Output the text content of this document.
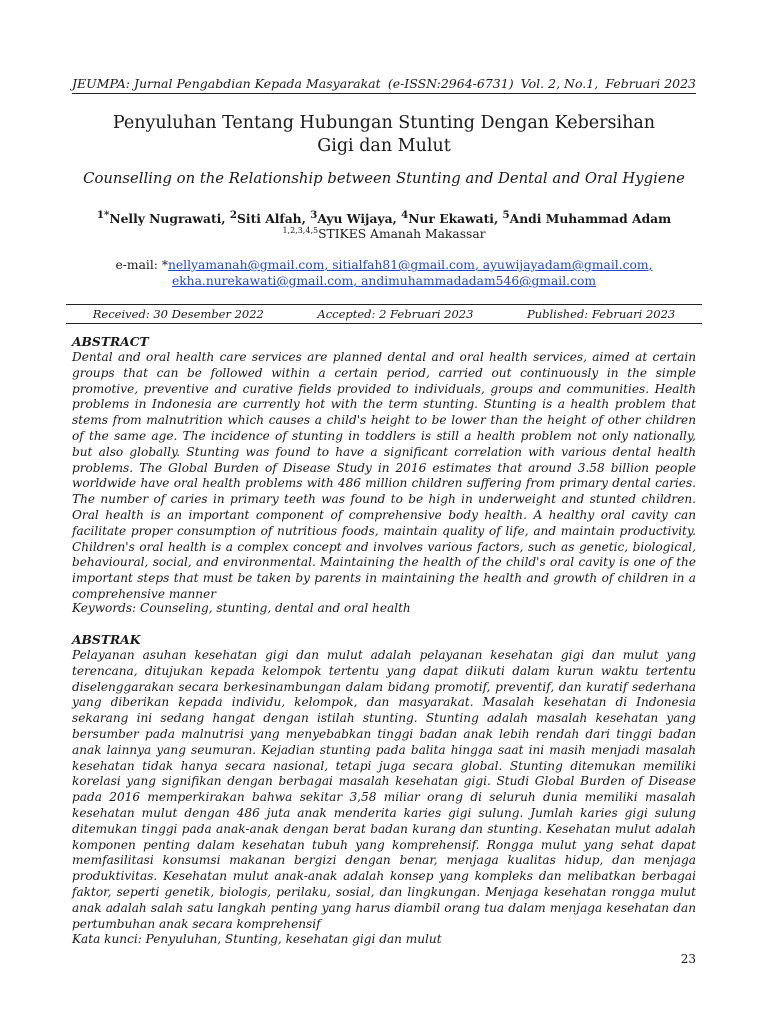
JEUMPA: Jurnal Pengabdian Kepada Masyarakat (e-ISSN:2964-6731) Vol. 2, No.1, Februari 2023
Penyuluhan Tentang Hubungan Stunting Dengan Kebersihan
Gigi dan Mulut
Counselling on the Relationship between Stunting and Dental and Oral Hygiene
$^{1*}$Nelly Nugrawati, $^2$Siti Alfah, $^3$Ayu Wijaya, $^4$Nur Ekawati, $^5$Andi Muhammad Adam
$^{1,2,3,4,5}$STIKES Amanah Makassar
e-mail: *nellyamanah@gmail.com, sitialfah81@gmail.com, ayuwijayadam@gmail.com,
ekha.nurekawati@gmail.com, andimuhammadadam546@gmail.com
Received: 30 Desember 2022	Accepted: 2 Februari 2023	Published: Februari 2023
ABSTRACT

Dental and oral health care services are planned dental and oral health services, aimed at certain groups that can be followed within a certain period, carried out continuously in the simple promotive, preventive and curative fields provided to individuals, groups and communities. Health problems in Indonesia are currently hot with the term stunting. Stunting is a health problem that stems from malnutrition which causes a child's height to be lower than the height of other children of the same age. The incidence of stunting in toddlers is still a health problem not only nationally, but also globally. Stunting was found to have a significant correlation with various dental health problems. The Global Burden of Disease Study in 2016 estimates that around 3.58 billion people worldwide have oral health problems with 486 million children suffering from primary dental caries. The number of caries in primary teeth was found to be high in underweight and stunted children. Oral health is an important component of comprehensive body health. A healthy oral cavity can facilitate proper consumption of nutritious foods, maintain quality of life, and maintain productivity. Children's oral health is a complex concept and involves various factors, such as genetic, biological, behavioural, social, and environmental. Maintaining the health of the child's oral cavity is one of the important steps that must be taken by parents in maintaining the health and growth of children in a comprehensive manner

Keywords: Counseling, stunting, dental and oral health
ABSTRAK

Pelayanan asuhan kesehatan gigi dan mulut adalah pelayanan kesehatan gigi dan mulut yang terencana, ditujukan kepada kelompok tertentu yang dapat diikuti dalam kurun waktu tertentu diselenggarakan secara berkesinambungan dalam bidang promotif, preventif, dan kuratif sederhana yang diberikan kepada individu, kelompok, dan masyarakat. Masalah kesehatan di Indonesia sekarang ini sedang hangat dengan istilah stunting. Stunting adalah masalah kesehatan yang bersumber pada malnutrisi yang menyebabkan tinggi badan anak lebih rendah dari tinggi badan anak lainnya yang seumuran. Kejadian stunting pada balita hingga saat ini masih menjadi masalah kesehatan tidak hanya secara nasional, tetapi juga secara global. Stunting ditemukan memiliki korelasi yang signifikan dengan berbagai masalah kesehatan gigi. Studi Global Burden of Disease pada 2016 memperkirakan bahwa sekitar 3,58 miliar orang di seluruh dunia memiliki masalah kesehatan mulut dengan 486 juta anak menderita karies gigi sulung. Jumlah karies gigi sulung ditemukan tinggi pada anak-anak dengan berat badan kurang dan stunting. Kesehatan mulut adalah komponen penting dalam kesehatan tubuh yang komprehensif. Rongga mulut yang sehat dapat memfasilitasi konsumsi makanan bergizi dengan benar, menjaga kualitas hidup, dan menjaga produktivitas. Kesehatan mulut anak-anak adalah konsep yang kompleks dan melibatkan berbagai faktor, seperti genetik, biologis, perilaku, sosial, dan lingkungan. Menjaga kesehatan rongga mulut anak adalah salah satu langkah penting yang harus diambil orang tua dalam menjaga kesehatan dan pertumbuhan anak secara komprehensif

Kata kunci: Penyuluhan, Stunting, kesehatan gigi dan mulut
23
